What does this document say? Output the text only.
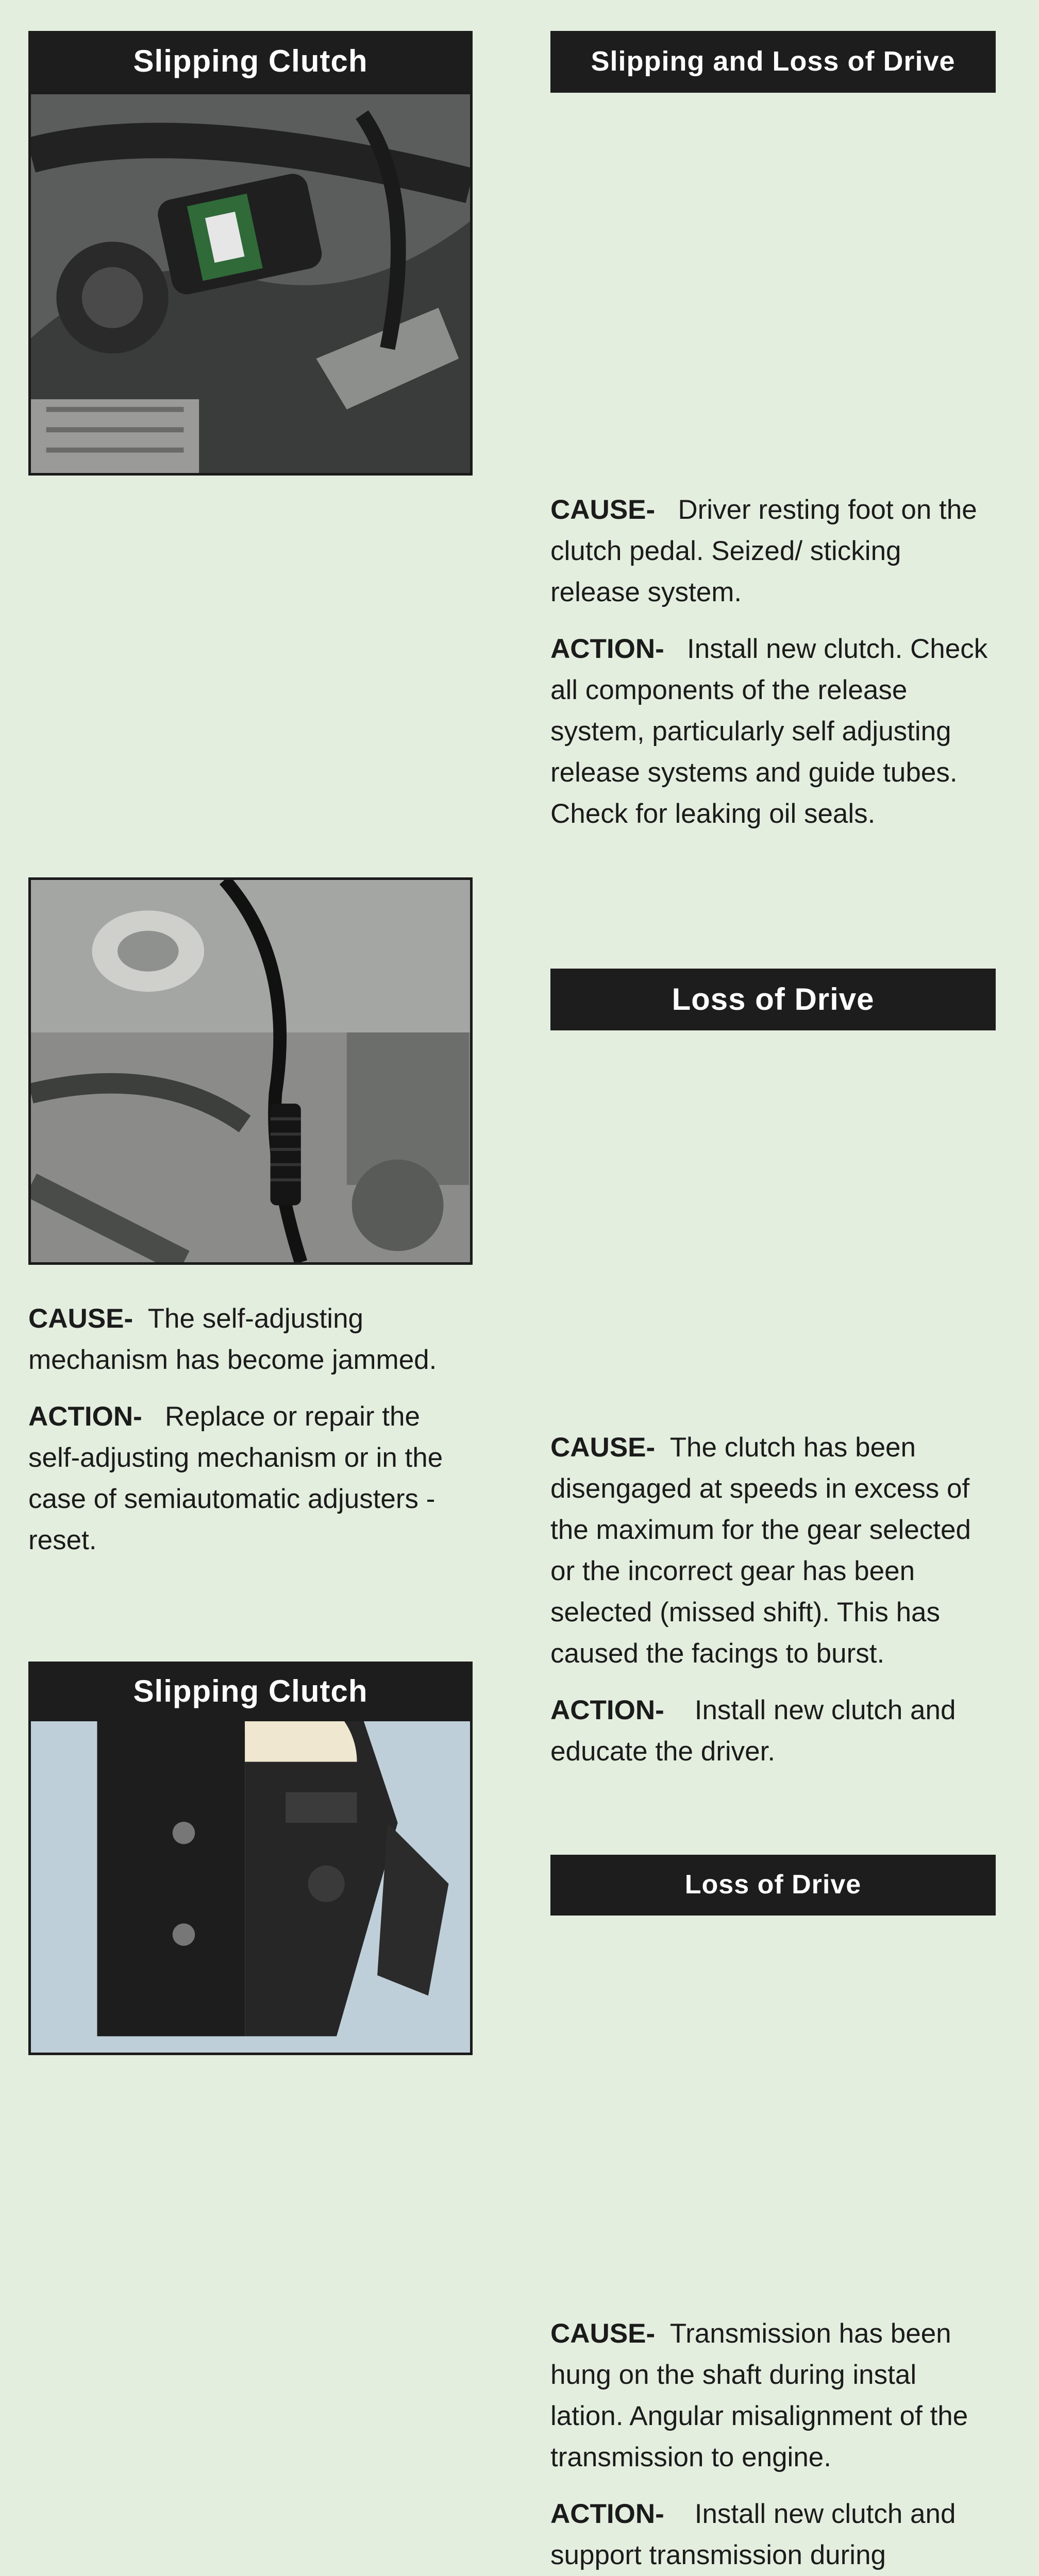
Slipping Clutch

CAUSE- The self-adjusting mechanism has become jammed.

ACTION- Replace or repair the self-adjusting mechanism or in the case of semiautomatic adjusters - reset.

Slipping Clutch

Slipping and Loss of Drive

CAUSE- Driver resting foot on the clutch pedal. Seized/ sticking release system.

ACTION- Install new clutch. Check all components of the release system, particularly self adjusting release systems and guide tubes. Check for leaking oil seals.

Loss of Drive

CAUSE- The clutch has been disengaged at speeds in excess of the maximum for the gear selected or the incorrect gear has been selected (missed shift). This has caused the facings to burst.

ACTION- Install new clutch and educate the driver.

Loss of Drive

CAUSE- Transmission has been hung on the shaft during instal lation. Angular misalignment of the transmission to engine.

ACTION- Install new clutch and support transmission during
